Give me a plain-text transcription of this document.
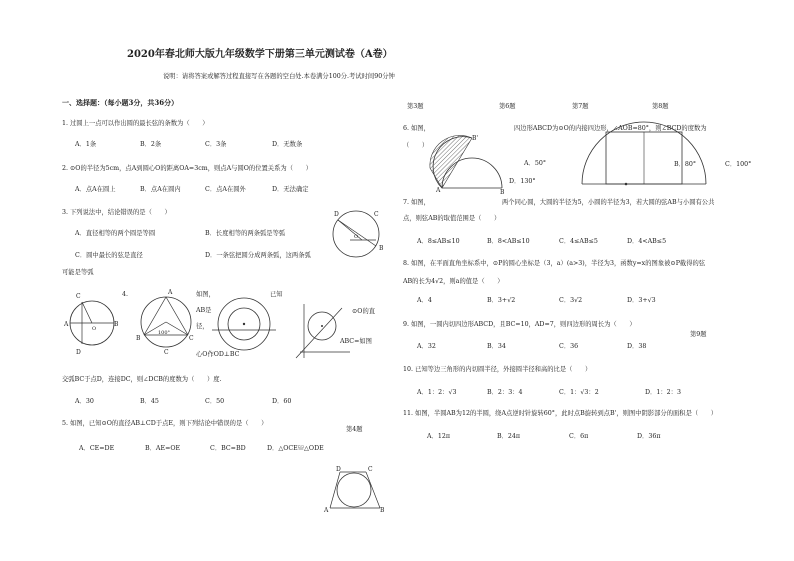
2020年春北师大版九年级数学下册第三单元测试卷（A卷）
说明：请将答案或解答过程直接写在各题的空白处.本卷满分100分.考试时间90分钟
一、选择题：（每小题3分，共36分）
1. 过圆上一点可以作出圆的最长弦的条数为（　　）
A．1条	B．2条	C．3条	D．无数条
2. ⊙O的半径为5cm，点A到圆心O的距离OA=3cm，则点A与圆O的位置关系为（　　）
A．点A在圆上	B．点A在圆内	C．点A在圆外	D．无法确定
3. 下列说法中，结论错误的是（　　）
A．直径相等的两个圆是等圆	B．长度相等的两条弧是等弧
C．圆中最长的弦是直径	D．一条弦把圆分成两条弧，这两条弧
可能是等弧
D	C
B
O
C
A	B
O
D
4.	A
B	C
100°
C
如图，
AB是
径，
心O作OD⊥BC
已知
⊙O的直
ABC=如图
交弧BC于点D，连接DC，则∠DCB的度数为（　　）度.
A．30	B．45	C．50	D．60
5. 如图，已知⊙O的直径AB⊥CD于点E，则下列结论中错误的是（　　）
第4题
A．CE=DE	B．AE=OE	C．BC=BD	D．△OCE≌△ODE
D	C
A	B
第3题	第6题	第7题	第8题
6. 如图，
A	B
B'
四边形ABCD为⊙O的内接四边形，∠AOB=80°，则∠BCD的度数为
（　　）
A．50°	B．80°	C．100°
D．130°
7. 如图，	两个同心圆，大圆的半径为5，小圆的半径为3，若大圆的弦AB与小圆有公共
点，则弦AB的取值范围是（　　）
A．8≤AB≤10	B．8<AB≤10	C．4≤AB≤5	D．4<AB≤5
8. 如图，在平面直角坐标系中，⊙P的圆心坐标是（3，a）(a>3)，半径为3，函数y=x的图象被⊙P截得的弦
AB的长为4√2，则a的值是（　　）
A．4	B．3+√2	C．3√2	D．3+√3
9. 如图，一圆内切四边形ABCD，且BC=10，AD=7，则四边形的周长为（　　）
第9题
A．32	B．34	C．36	D．38
10. 已知等边三角形的内切圆半径，外接圆半径和高的比是（　　）
A．1：2：√3	B．2：3：4	C．1：√3：2	D．1：2：3
11. 如图，半圆AB为12的半圆，绕A点逆时针旋转60°，此时点B旋转到点B'，则图中阴影部分的面积是（　　）
A．12π	B．24π	C．6π	D．36π
